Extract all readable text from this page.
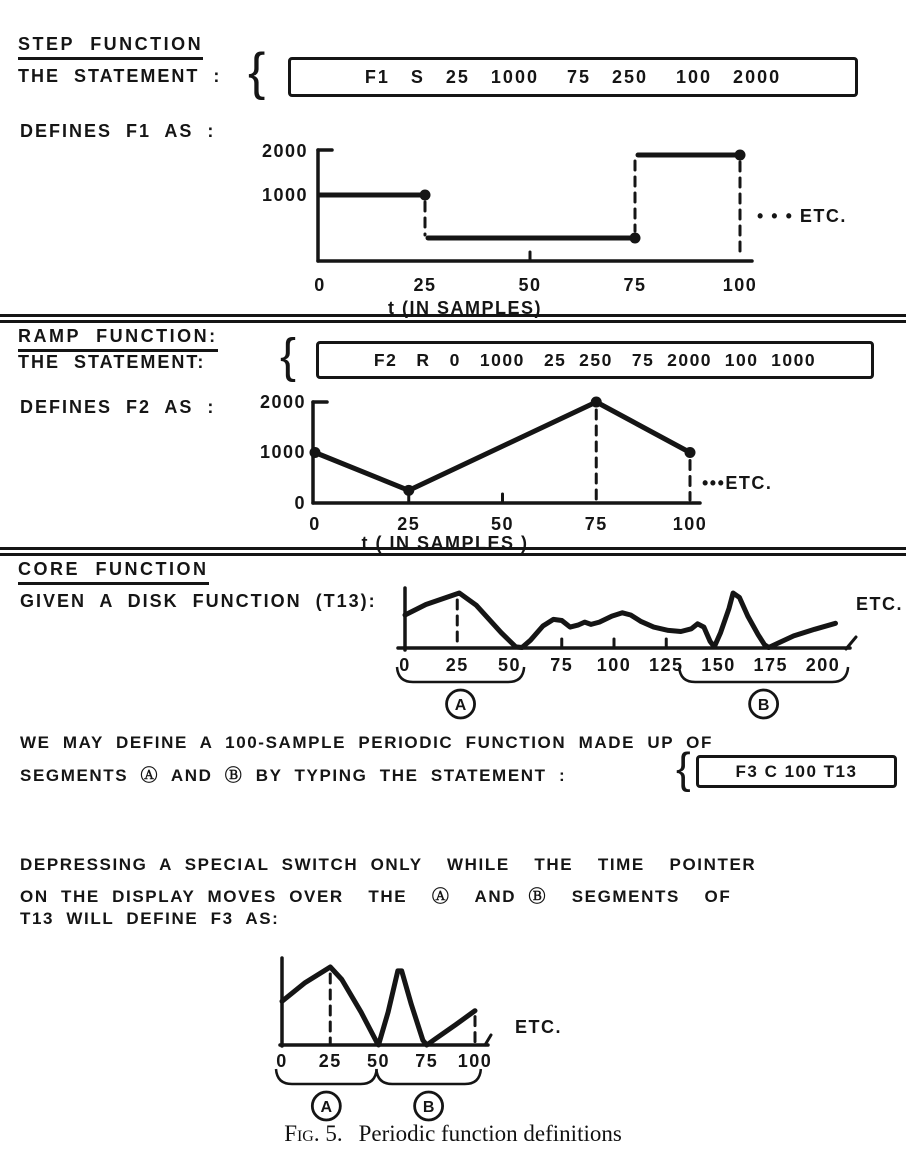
STEP FUNCTION
THE STATEMENT : {	F1   S   25   1000    75   250    100   2000
DEFINES F1 AS :
RAMP FUNCTION:
THE STATEMENT: {	F2   R   0   1000   25  250   75  2000  100  1000
DEFINES F2 AS :
CORE FUNCTION
GIVEN A DISK FUNCTION (T13):
WE MAY DEFINE A 100-SAMPLE PERIODIC FUNCTION MADE UP OF
SEGMENTS Ⓐ AND Ⓑ BY TYPING THE STATEMENT : {	F3 C 100 T13
DEPRESSING A SPECIAL SWITCH ONLY  WHILE  THE  TIME  POINTER
ON THE DISPLAY MOVES OVER  THE  Ⓐ  AND Ⓑ  SEGMENTS  OF
T13 WILL DEFINE F3 AS:
Fig. 5. Periodic function definitions
2000
1000
0	25	50	75	100
t (IN SAMPLES)
• • • ETC.
2000
1000
0
0	25	50	75	100
t ( IN SAMPLES )
•••ETC.
0 25 50 75 100 125 150 175 200
A	B
ETC.
0 25 50 75 100
A	B
ETC.
